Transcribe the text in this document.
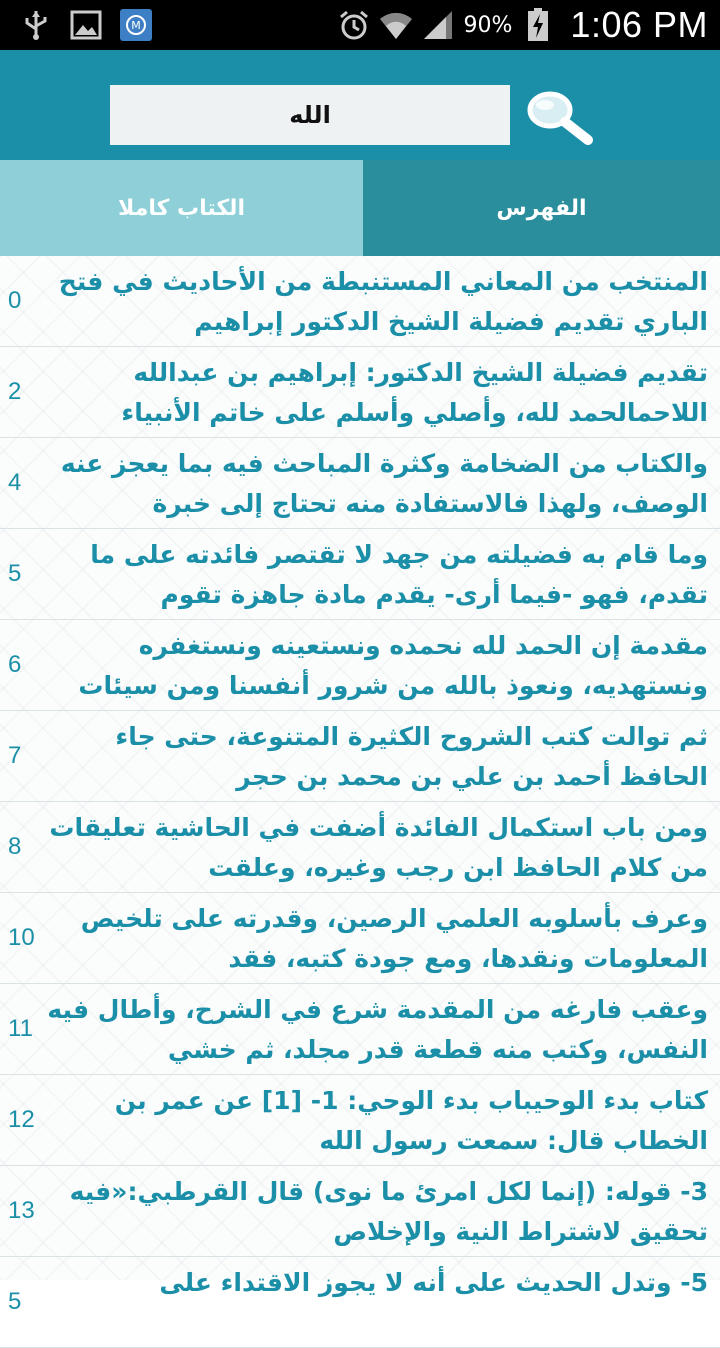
M	90% 1:06 PM
الله
الكتاب كاملا	الفهرس
0
المنتخب من المعاني المستنبطة من الأحاديث في فتح الباري تقديم فضيلة الشيخ الدكتور إبراهيم
2
تقديم فضيلة الشيخ الدكتور: إبراهيم بن عبدالله اللاحمالحمد لله، وأصلي وأسلم على خاتم الأنبياء
4
والكتاب من الضخامة وكثرة المباحث فيه بما يعجز عنه الوصف، ولهذا فالاستفادة منه تحتاج إلى خبرة
5
وما قام به فضيلته من جهد لا تقتصر فائدته على ما تقدم، فهو -فيما أرى- يقدم مادة جاهزة تقوم
6
مقدمة إن الحمد لله نحمده ونستعينه ونستغفره ونستهديه، ونعوذ بالله من شرور أنفسنا ومن سيئات
7
ثم توالت كتب الشروح الكثيرة المتنوعة، حتى جاء الحافظ أحمد بن علي بن محمد بن حجر
8
ومن باب استكمال الفائدة أضفت في الحاشية تعليقات من كلام الحافظ ابن رجب وغيره، وعلقت
10
وعرف بأسلوبه العلمي الرصين، وقدرته على تلخيص المعلومات ونقدها، ومع جودة كتبه، فقد
11
وعقب فارغه من المقدمة شرع في الشرح، وأطال فيه النفس، وكتب منه قطعة قدر مجلد، ثم خشي
12
كتاب بدء الوحيباب بدء الوحي: 1- [1] عن عمر بن الخطاب قال: سمعت رسول الله
13
3- قوله: (إنما لكل امرئ ما نوى) قال القرطبي:«فيه تحقيق لاشتراط النية والإخلاص
5
5- وتدل الحديث على أنه لا يجوز الاقتداء على
